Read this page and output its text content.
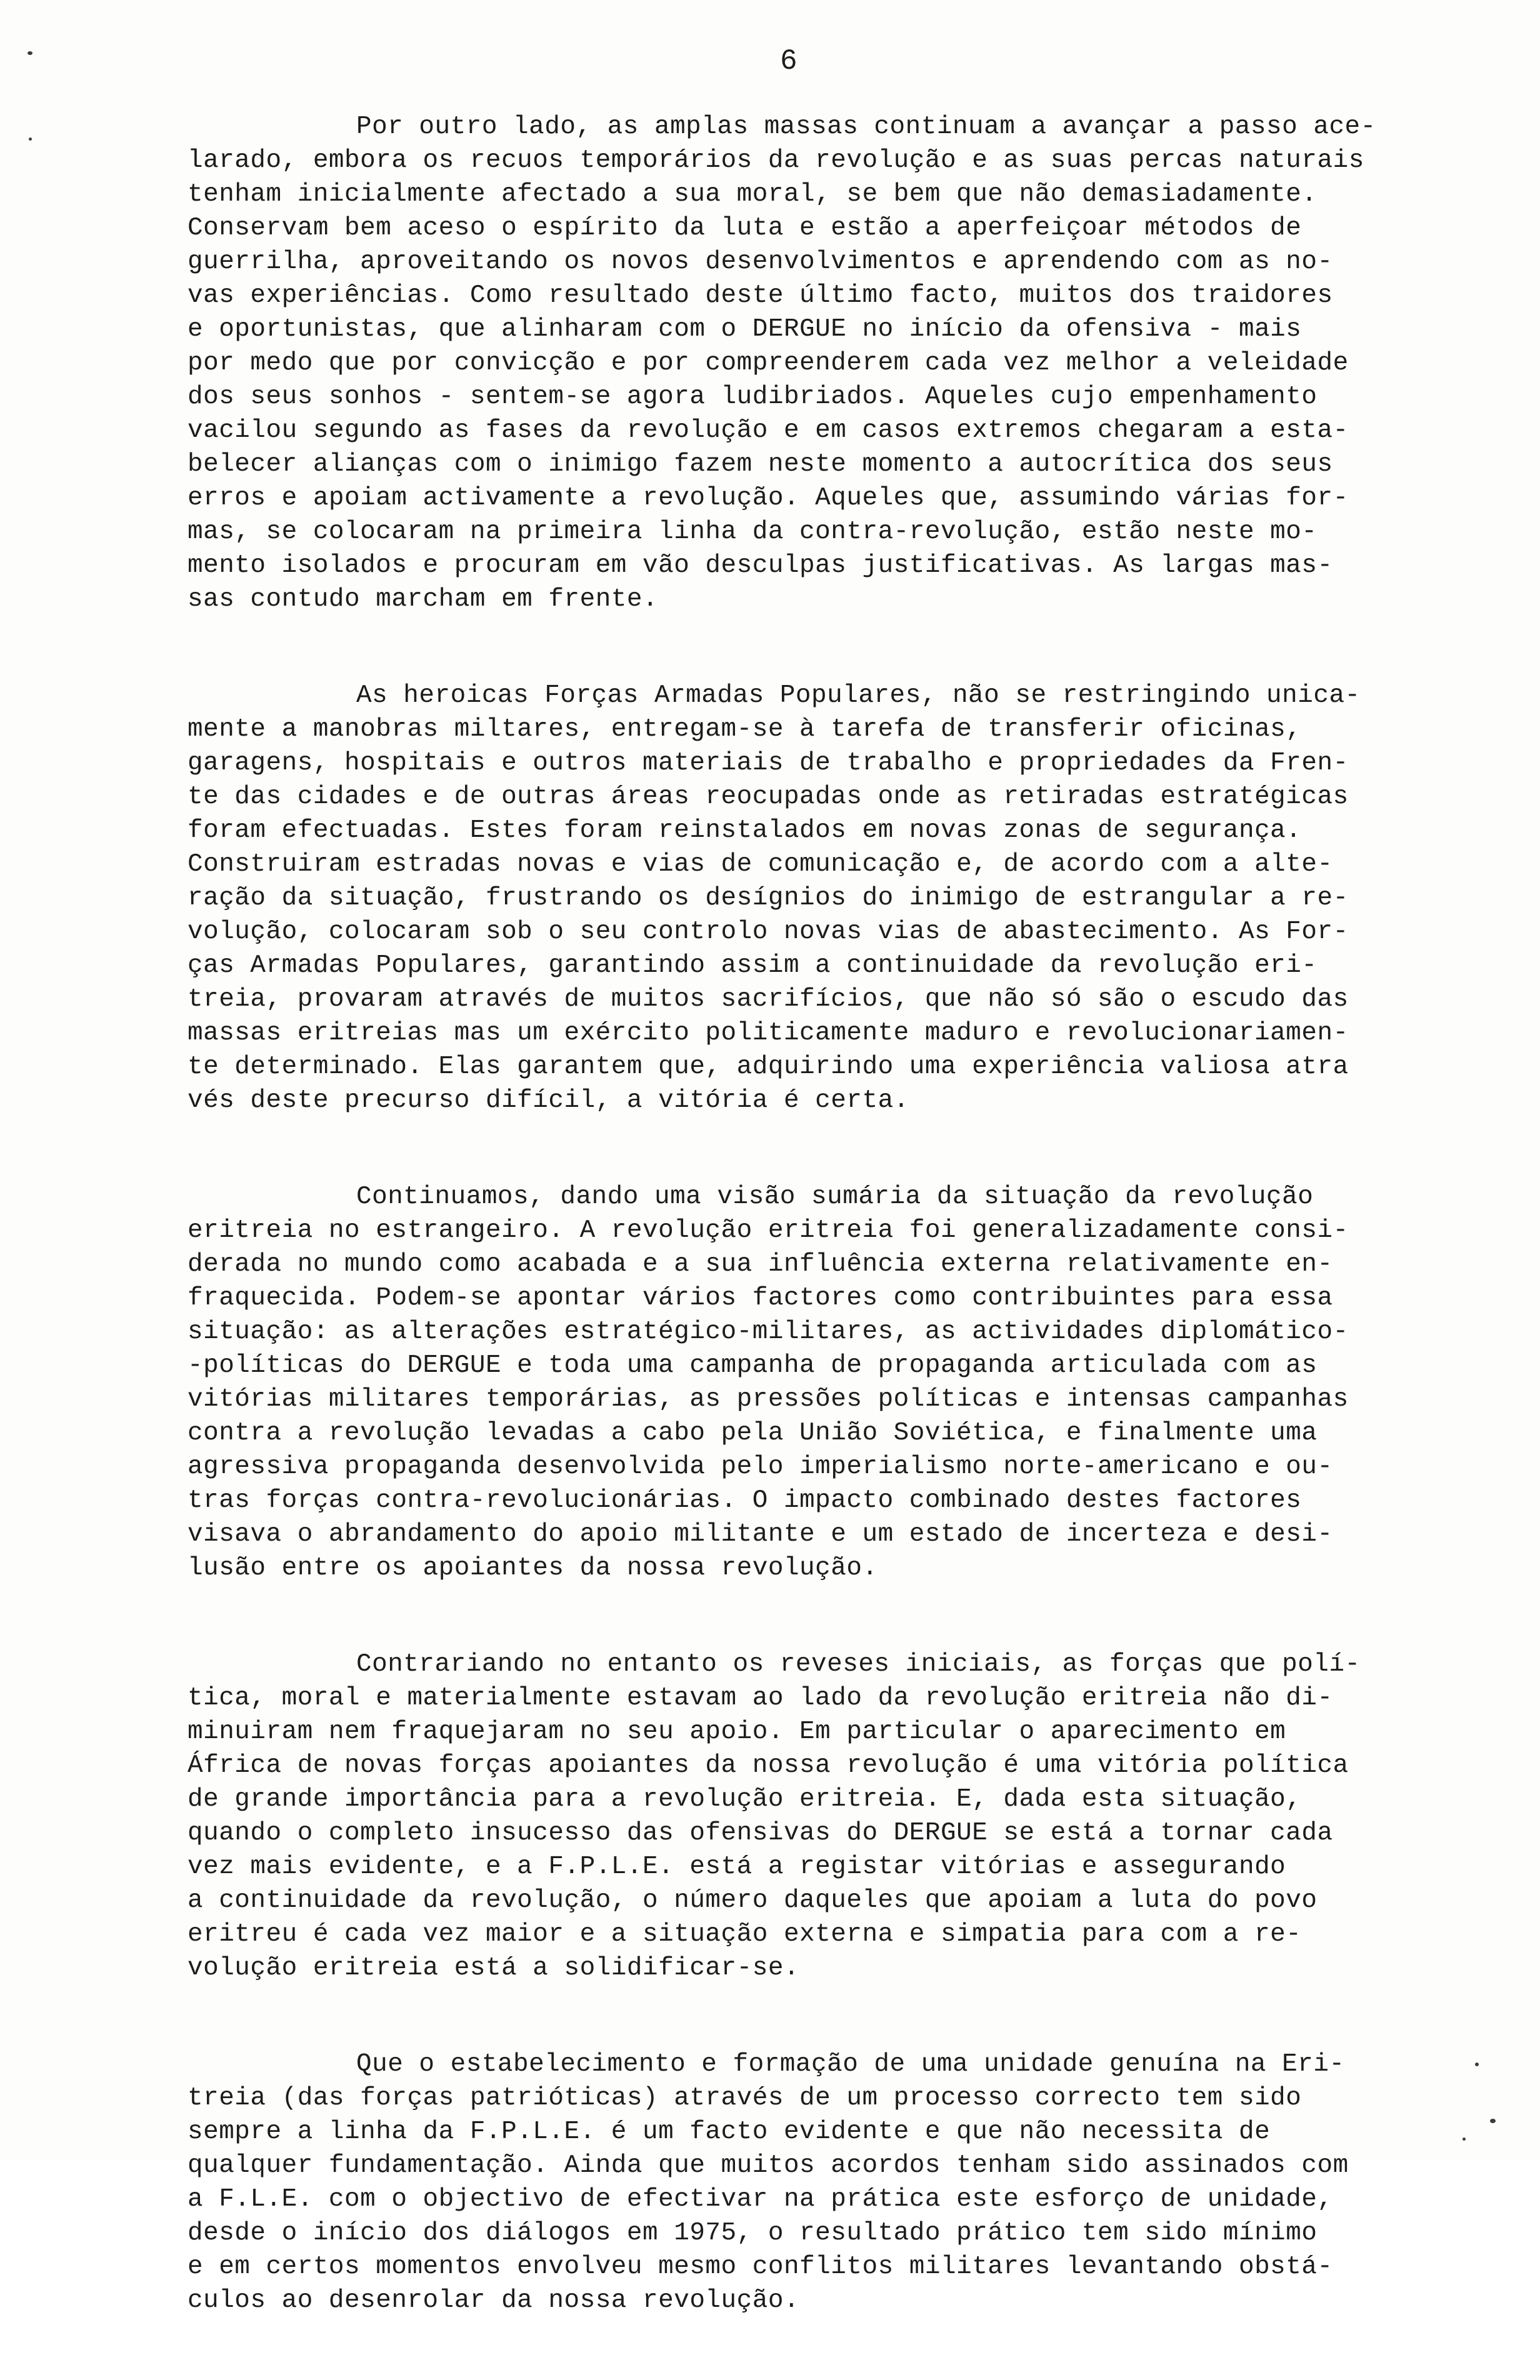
6
Por outro lado, as amplas massas continuam a avançar a passo ace-
larado, embora os recuos temporários da revolução e as suas percas naturais
tenham inicialmente afectado a sua moral, se bem que não demasiadamente.
Conservam bem aceso o espírito da luta e estão a aperfeiçoar métodos de
guerrilha, aproveitando os novos desenvolvimentos e aprendendo com as no-
vas experiências. Como resultado deste último facto, muitos dos traidores
e oportunistas, que alinharam com o DERGUE no início da ofensiva - mais
por medo que por convicção e por compreenderem cada vez melhor a veleidade
dos seus sonhos - sentem-se agora ludibriados. Aqueles cujo empenhamento
vacilou segundo as fases da revolução e em casos extremos chegaram a esta-
belecer alianças com o inimigo fazem neste momento a autocrítica dos seus
erros e apoiam activamente a revolução. Aqueles que, assumindo várias for-
mas, se colocaram na primeira linha da contra-revolução, estão neste mo-
mento isolados e procuram em vão desculpas justificativas. As largas mas-
sas contudo marcham em frente.
As heroicas Forças Armadas Populares, não se restringindo unica-
mente a manobras miltares, entregam-se à tarefa de transferir oficinas,
garagens, hospitais e outros materiais de trabalho e propriedades da Fren-
te das cidades e de outras áreas reocupadas onde as retiradas estratégicas
foram efectuadas. Estes foram reinstalados em novas zonas de segurança.
Construiram estradas novas e vias de comunicação e, de acordo com a alte-
ração da situação, frustrando os desígnios do inimigo de estrangular a re-
volução, colocaram sob o seu controlo novas vias de abastecimento. As For-
ças Armadas Populares, garantindo assim a continuidade da revolução eri-
treia, provaram através de muitos sacrifícios, que não só são o escudo das
massas eritreias mas um exército politicamente maduro e revolucionariamen-
te determinado. Elas garantem que, adquirindo uma experiência valiosa atra
vés deste precurso difícil, a vitória é certa.
Continuamos, dando uma visão sumária da situação da revolução
eritreia no estrangeiro. A revolução eritreia foi generalizadamente consi-
derada no mundo como acabada e a sua influência externa relativamente en-
fraquecida. Podem-se apontar vários factores como contribuintes para essa
situação: as alterações estratégico-militares, as actividades diplomático-
-políticas do DERGUE e toda uma campanha de propaganda articulada com as
vitórias militares temporárias, as pressões políticas e intensas campanhas
contra a revolução levadas a cabo pela União Soviética, e finalmente uma
agressiva propaganda desenvolvida pelo imperialismo norte-americano e ou-
tras forças contra-revolucionárias. O impacto combinado destes factores
visava o abrandamento do apoio militante e um estado de incerteza e desi-
lusão entre os apoiantes da nossa revolução.
Contrariando no entanto os reveses iniciais, as forças que polí-
tica, moral e materialmente estavam ao lado da revolução eritreia não di-
minuiram nem fraquejaram no seu apoio. Em particular o aparecimento em
África de novas forças apoiantes da nossa revolução é uma vitória política
de grande importância para a revolução eritreia. E, dada esta situação,
quando o completo insucesso das ofensivas do DERGUE se está a tornar cada
vez mais evidente, e a F.P.L.E. está a registar vitórias e assegurando
a continuidade da revolução, o número daqueles que apoiam a luta do povo
eritreu é cada vez maior e a situação externa e simpatia para com a re-
volução eritreia está a solidificar-se.
Que o estabelecimento e formação de uma unidade genuína na Eri-
treia (das forças patrióticas) através de um processo correcto tem sido
sempre a linha da F.P.L.E. é um facto evidente e que não necessita de
qualquer fundamentação. Ainda que muitos acordos tenham sido assinados com
a F.L.E. com o objectivo de efectivar na prática este esforço de unidade,
desde o início dos diálogos em 1975, o resultado prático tem sido mínimo
e em certos momentos envolveu mesmo conflitos militares levantando obstá-
culos ao desenrolar da nossa revolução.
